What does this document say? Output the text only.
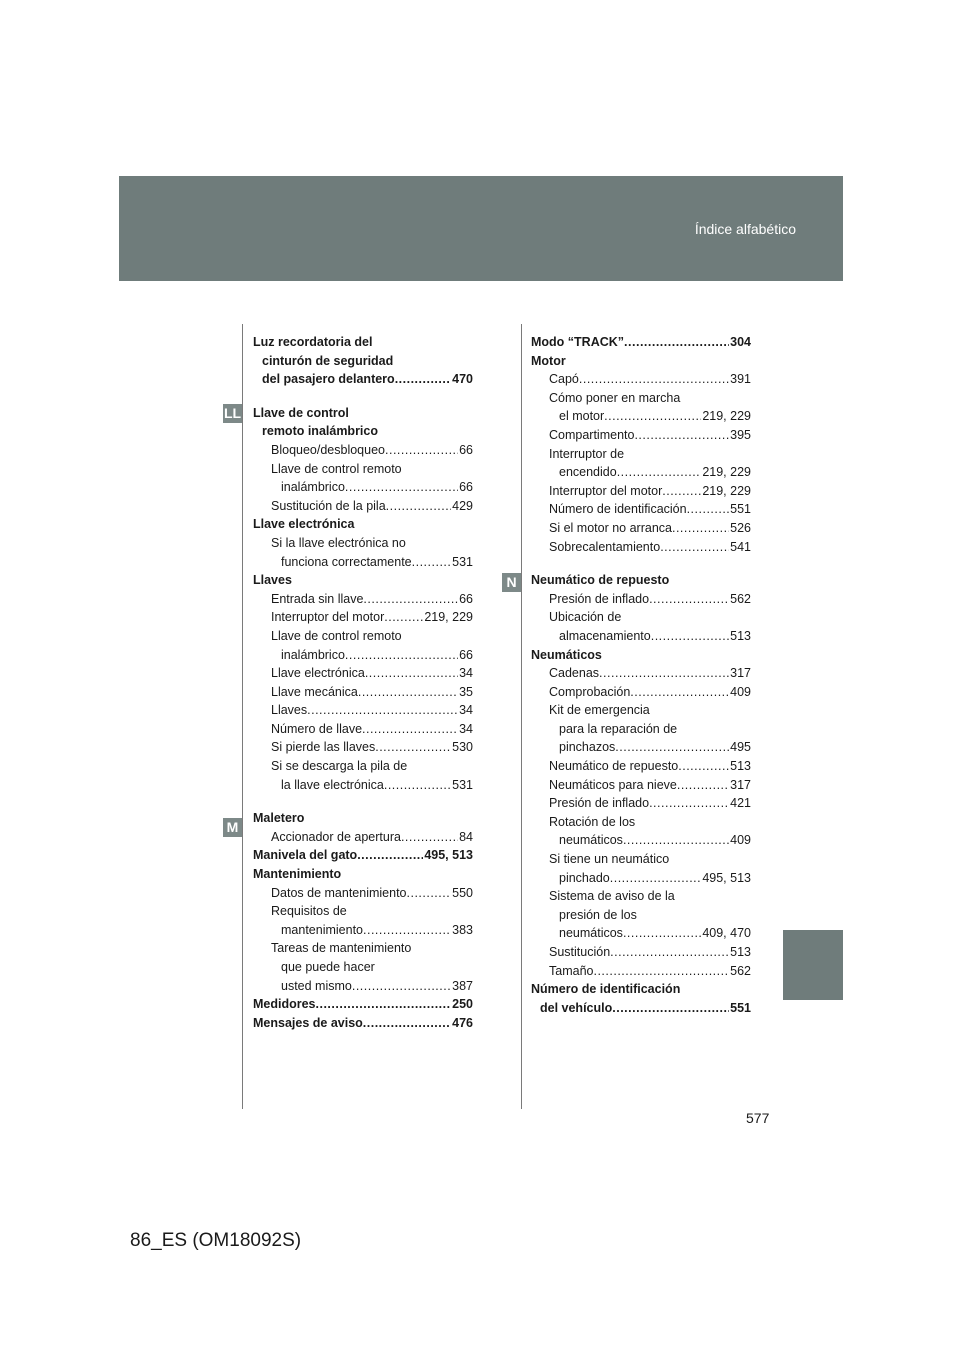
Índice alfabético
LL
M
N
Luz recordatoria del
cinturón de seguridad
del pasajero delantero .....	470
Llave de control
remoto inalámbrico
Bloqueo/desbloqueo .....	66
Llave de control remoto
inalámbrico .....	66
Sustitución de la pila .....	429
Llave electrónica
Si la llave electrónica no
funciona correctamente .....	531
Llaves
Entrada sin llave .....	66
Interruptor del motor .....	219, 229
Llave de control remoto
inalámbrico .....	66
Llave electrónica .....	34
Llave mecánica .....	35
Llaves .....	34
Número de llave .....	34
Si pierde las llaves .....	530
Si se descarga la pila de
la llave electrónica .....	531
Maletero
Accionador de apertura .....	84
Manivela del gato .....	495, 513
Mantenimiento
Datos de mantenimiento .....	550
Requisitos de
mantenimiento .....	383
Tareas de mantenimiento
que puede hacer
usted mismo .....	387
Medidores .....	250
Mensajes de aviso .....	476
Modo “TRACK” .....	304
Motor
Capó .....	391
Cómo poner en marcha
el motor .....	219, 229
Compartimento .....	395
Interruptor de
encendido .....	219, 229
Interruptor del motor .....	219, 229
Número de identificación .....	551
Si el motor no arranca .....	526
Sobrecalentamiento .....	541
Neumático de repuesto
Presión de inflado .....	562
Ubicación de
almacenamiento .....	513
Neumáticos
Cadenas .....	317
Comprobación .....	409
Kit de emergencia
para la reparación de
pinchazos .....	495
Neumático de repuesto .....	513
Neumáticos para nieve .....	317
Presión de inflado .....	421
Rotación de los
neumáticos .....	409
Si tiene un neumático
pinchado .....	495, 513
Sistema de aviso de la
presión de los
neumáticos .....	409, 470
Sustitución .....	513
Tamaño .....	562
Número de identificación
del vehículo .....	551
577
86_ES (OM18092S)
